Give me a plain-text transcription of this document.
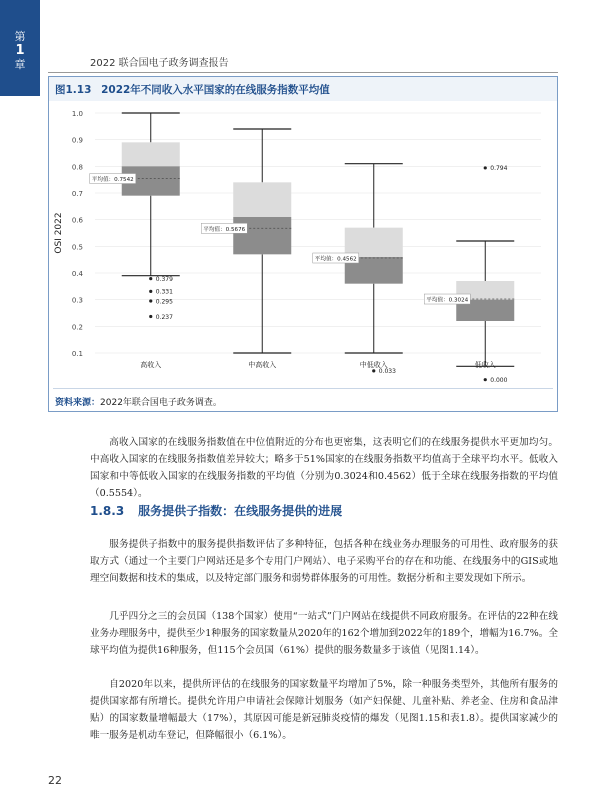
第
1
章	2022 联合国电子政务调查报告
图1.13 2022年不同收入水平国家的在线服务指数平均值
0.1
0.2
0.3
0.4
0.5
0.6
0.7
0.8
0.9
1.0
OSI 2022
平均值：0.7542
0.379
0.331
0.295
0.237
高收入
平均值：0.5676
中高收入
平均值：0.4562
0.033
中低收入
平均值：0.3024
0.794
0.000
低收入
资料来源：2022年联合国电子政务调查。

高收入国家的在线服务指数值在中位值附近的分布也更密集，这表明它们的在线服务提供水平更加均匀。中高收入国家的在线服务指数值差异较大；略多于51%国家的在线服务指数平均值高于全球平均水平。低收入国家和中等低收入国家的在线服务指数的平均值（分别为0.3024和0.4562）低于全球在线服务指数的平均值（0.5554）。

1.8.3 服务提供子指数：在线服务提供的进展

服务提供子指数中的服务提供指数评估了多种特征，包括各种在线业务办理服务的可用性、政府服务的获取方式（通过一个主要门户网站还是多个专用门户网站）、电子采购平台的存在和功能、在线服务中的GIS或地理空间数据和技术的集成，以及特定部门服务和弱势群体服务的可用性。数据分析和主要发现如下所示。

几乎四分之三的会员国（138个国家）使用“一站式”门户网站在线提供不同政府服务。在评估的22种在线业务办理服务中，提供至少1种服务的国家数量从2020年的162个增加到2022年的189个，增幅为16.7%。全球平均值为提供16种服务，但115个会员国（61%）提供的服务数量多于该值（见图1.14）。

自2020年以来，提供所评估的在线服务的国家数量平均增加了5%，除一种服务类型外，其他所有服务的提供国家都有所增长。提供允许用户申请社会保障计划服务（如产妇保健、儿童补贴、养老金、住房和食品津贴）的国家数量增幅最大（17%），其原因可能是新冠肺炎疫情的爆发（见图1.15和表1.8）。提供国家减少的唯一服务是机动车登记，但降幅很小（6.1%）。

22
